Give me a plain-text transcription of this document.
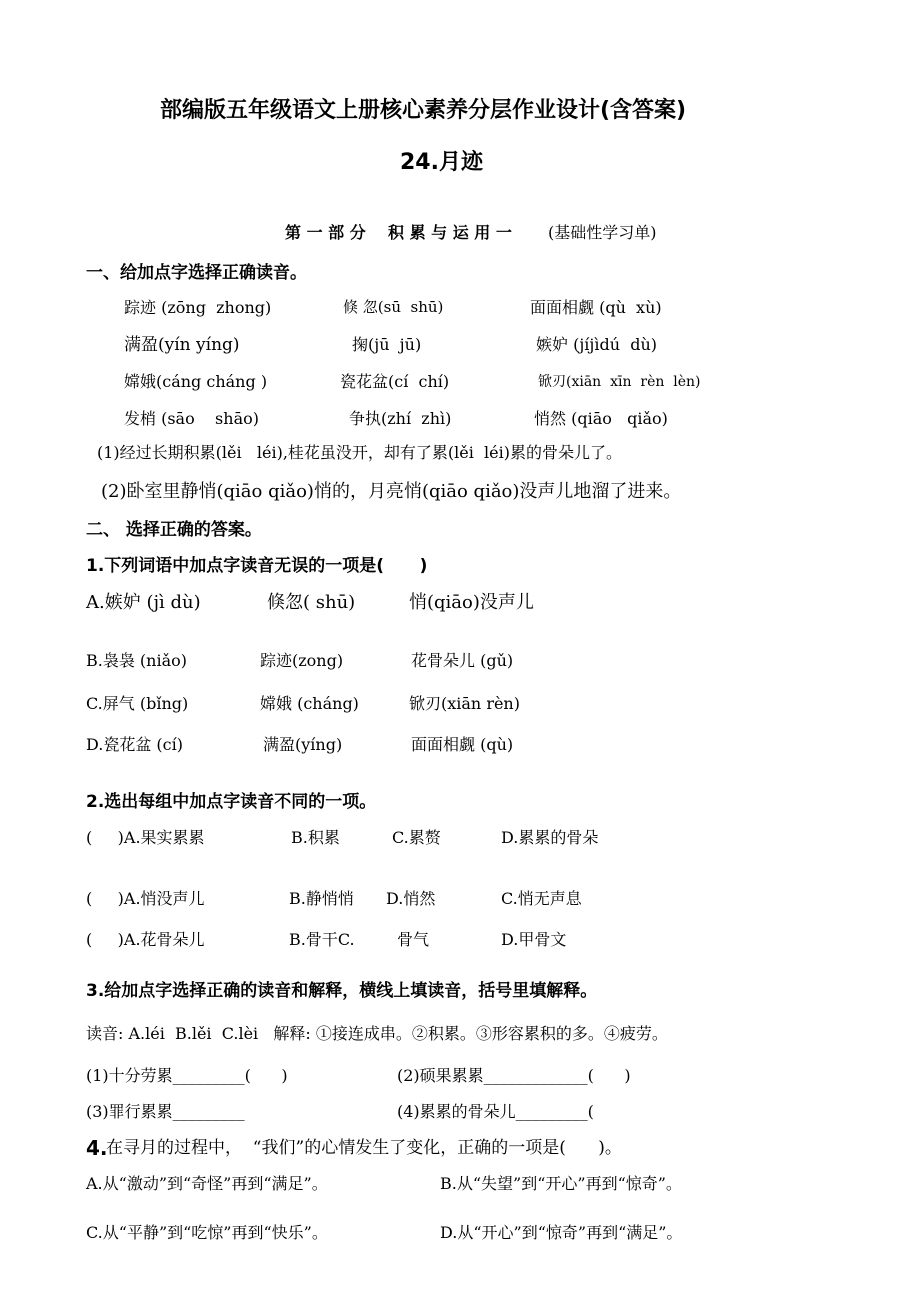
部编版五年级语文上册核心素养分层作业设计(含答案)
24.月迹
第 一 部 分    积 累 与 运 用 一 (基础性学习单)
一、给加点字选择正确读音。
踪迹 (zōng  zhong)	倏 忽(sū  shū)	面面相觑 (qù  xù)
满盈(yín yíng)	掬(jū  jū)	嫉妒 (jíjìdú  dù)
嫦娥(cáng cháng )	瓷花盆(cí  chí)	锨刃(xiān  xīn  rèn  lèn)
发梢 (sāo    shāo)	争执(zhí  zhì)	悄然 (qiāo   qiǎo)
(1)经过长期积累(lěi   léi),桂花虽没开，却有了累(lěi  léi)累的骨朵儿了。
(2)卧室里静悄(qiāo qiǎo)悄的，月亮悄(qiāo qiǎo)没声儿地溜了进来。
二、 选择正确的答案。
1.下列词语中加点字读音无误的一项是(      )
A.嫉妒 (jì dù)	倏忽( shū)	悄(qiāo)没声儿
B.袅袅 (niǎo)	踪迹(zong)	花骨朵儿 (gǔ)
C.屏气 (bǐng)	嫦娥 (cháng)	锨刃(xiān rèn)
D.瓷花盆 (cí)	满盈(yíng)	面面相觑 (qù)
2.选出每组中加点字读音不同的一项。
(     )A.果实累累	B.积累	C.累赘	D.累累的骨朵
(     )A.悄没声儿	B.静悄悄 D.悄然	C.悄无声息
(     )A.花骨朵儿	B.骨干C.	骨气	D.甲骨文
3.给加点字选择正确的读音和解释，横线上填读音，括号里填解释。
读音: A.léi  B.lěi  C.lèi   解释: ①接连成串。②积累。③形容累积的多。④疲劳。
(1)十分劳累_________(      )	(2)硕果累累_____________(      )
(3)罪行累累_________	(4)累累的骨朵儿_________(
4.
在寻月的过程中，  “我们”的心情发生了变化，正确的一项是(      )。
A.从“激动”到“奇怪”再到“满足”。	B.从“失望”到“开心”再到“惊奇”。
C.从“平静”到“吃惊”再到“快乐”。	D.从“开心”到“惊奇”再到“满足”。
